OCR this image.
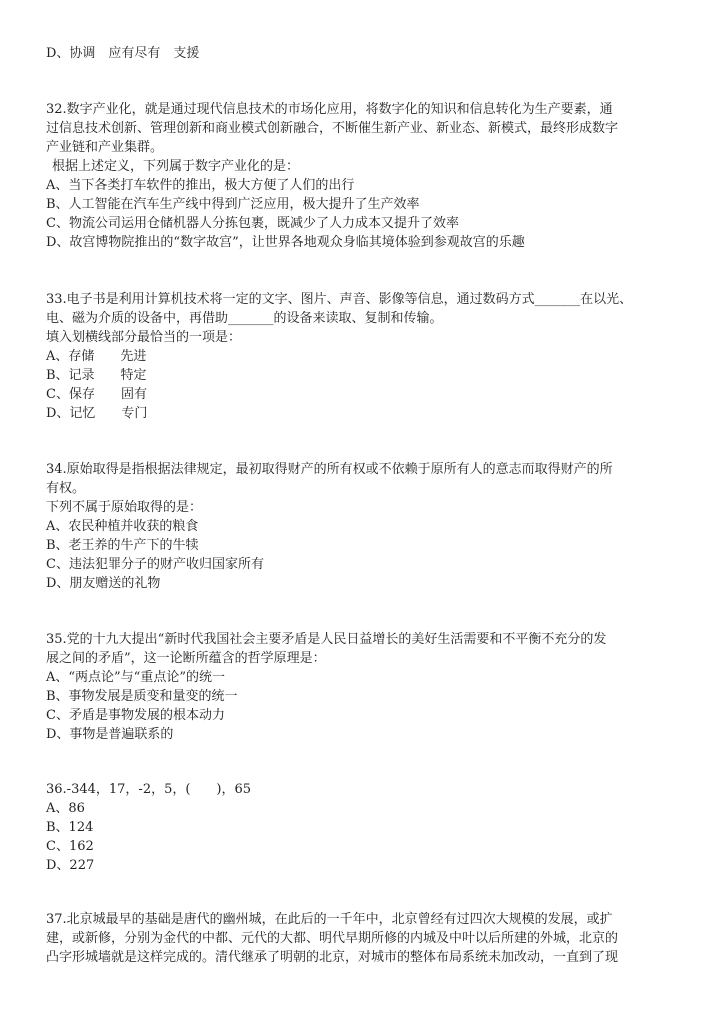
D、协调　应有尽有　支援
32.数字产业化，就是通过现代信息技术的市场化应用，将数字化的知识和信息转化为生产要素，通
过信息技术创新、管理创新和商业模式创新融合，不断催生新产业、新业态、新模式，最终形成数字
产业链和产业集群。
根据上述定义，下列属于数字产业化的是：
A、当下各类打车软件的推出，极大方便了人们的出行
B、人工智能在汽车生产线中得到广泛应用，极大提升了生产效率
C、物流公司运用仓储机器人分拣包裹，既减少了人力成本又提升了效率
D、故宫博物院推出的“数字故宫”，让世界各地观众身临其境体验到参观故宫的乐趣
33.电子书是利用计算机技术将一定的文字、图片、声音、影像等信息，通过数码方式_______在以光、
电、磁为介质的设备中，再借助_______的设备来读取、复制和传输。
填入划横线部分最恰当的一项是：
A、存储　　先进
B、记录　　特定
C、保存　　固有
D、记忆　　专门
34.原始取得是指根据法律规定，最初取得财产的所有权或不依赖于原所有人的意志而取得财产的所
有权。
下列不属于原始取得的是：
A、农民种植并收获的粮食
B、老王养的牛产下的牛犊
C、违法犯罪分子的财产收归国家所有
D、朋友赠送的礼物
35.党的十九大提出“新时代我国社会主要矛盾是人民日益增长的美好生活需要和不平衡不充分的发
展之间的矛盾”，这一论断所蕴含的哲学原理是：
A、“两点论”与“重点论”的统一
B、事物发展是质变和量变的统一
C、矛盾是事物发展的根本动力
D、事物是普遍联系的
36.-344，17，-2，5，(　　)，65
A、86
B、124
C、162
D、227
37.北京城最早的基础是唐代的幽州城，在此后的一千年中，北京曾经有过四次大规模的发展，或扩
建，或新修，分别为金代的中都、元代的大都、明代早期所修的内城及中叶以后所建的外城，北京的
凸字形城墙就是这样完成的。清代继承了明朝的北京，对城市的整体布局系统未加改动，一直到了现
